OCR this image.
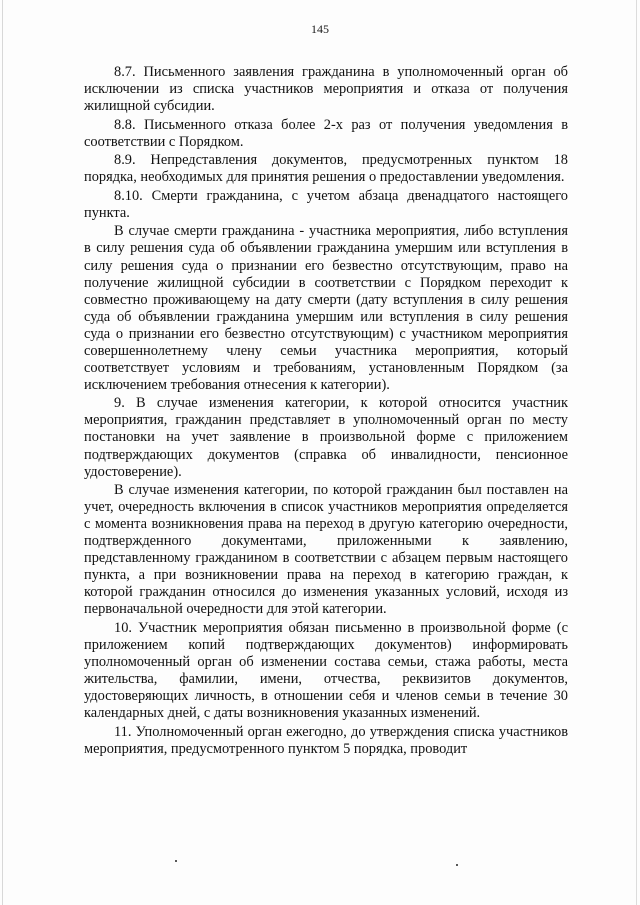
145

8.7. Письменного заявления гражданина в уполномоченный орган об исключении из списка участников мероприятия и отказа от получения жилищной субсидии.

8.8. Письменного отказа более 2-х раз от получения уведомления в соответствии с Порядком.

8.9. Непредставления документов, предусмотренных пунктом 18 порядка, необходимых для принятия решения о предоставлении уведомления.

8.10. Смерти гражданина, с учетом абзаца двенадцатого настоящего пункта.

В случае смерти гражданина - участника мероприятия, либо вступления в силу решения суда об объявлении гражданина умершим или вступления в силу решения суда о признании его безвестно отсутствующим, право на получение жилищной субсидии в соответствии с Порядком переходит к совместно проживающему на дату смерти (дату вступления в силу решения суда об объявлении гражданина умершим или вступления в силу решения суда о признании его безвестно отсутствующим) с участником мероприятия совершеннолетнему члену семьи участника мероприятия, который соответствует условиям и требованиям, установленным Порядком (за исключением требования отнесения к категории).

9. В случае изменения категории, к которой относится участник мероприятия, гражданин представляет в уполномоченный орган по месту постановки на учет заявление в произвольной форме с приложением подтверждающих документов (справка об инвалидности, пенсионное удостоверение).

В случае изменения категории, по которой гражданин был поставлен на учет, очередность включения в список участников мероприятия определяется с момента возникновения права на переход в другую категорию очередности, подтвержденного документами, приложенными к заявлению, представленному гражданином в соответствии с абзацем первым настоящего пункта, а при возникновении права на переход в категорию граждан, к которой гражданин относился до изменения указанных условий, исходя из первоначальной очередности для этой категории.

10. Участник мероприятия обязан письменно в произвольной форме (с приложением копий подтверждающих документов) информировать уполномоченный орган об изменении состава семьи, стажа работы, места жительства, фамилии, имени, отчества, реквизитов документов, удостоверяющих личность, в отношении себя и членов семьи в течение 30 календарных дней, с даты возникновения указанных изменений.

11. Уполномоченный орган ежегодно, до утверждения списка участников мероприятия, предусмотренного пунктом 5 порядка, проводит
